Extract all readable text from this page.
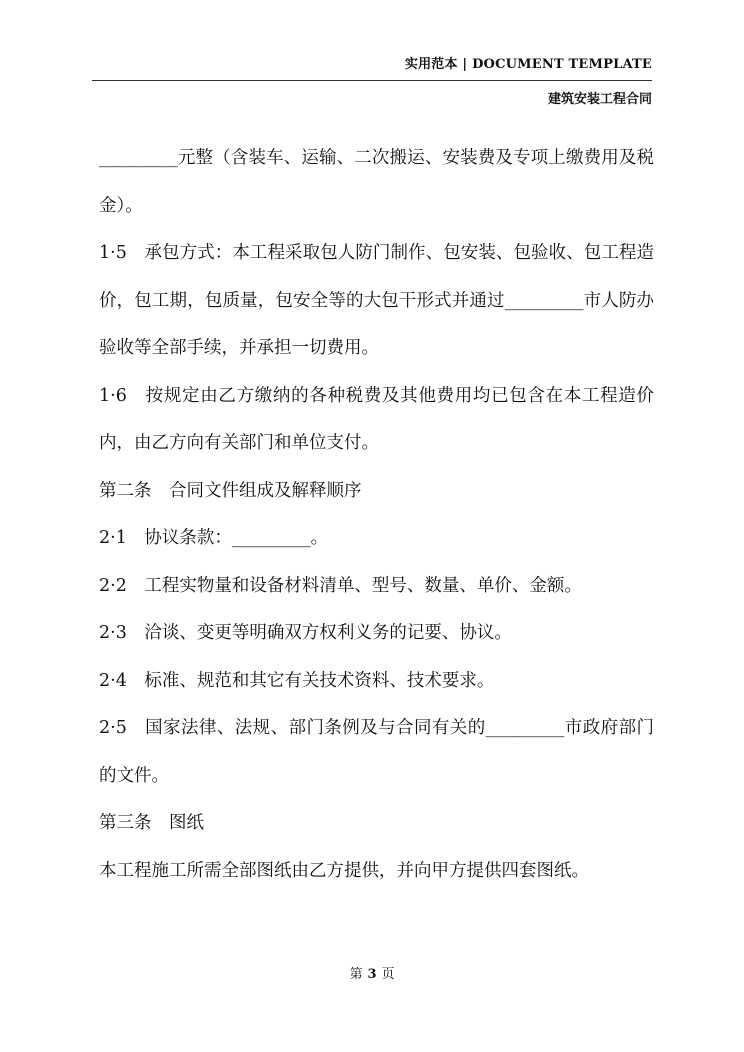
实用范本 | DOCUMENT TEMPLATE
建筑安装工程合同

_________元整（含装车、运输、二次搬运、安装费及专项上缴费用及税金）。

1·5　承包方式：本工程采取包人防门制作、包安装、包验收、包工程造价，包工期，包质量，包安全等的大包干形式并通过_________市人防办验收等全部手续，并承担一切费用。

1·6　按规定由乙方缴纳的各种税费及其他费用均已包含在本工程造价内，由乙方向有关部门和单位支付。

第二条　合同文件组成及解释顺序

2·1　协议条款：_________。

2·2　工程实物量和设备材料清单、型号、数量、单价、金额。

2·3　洽谈、变更等明确双方权利义务的记要、协议。

2·4　标准、规范和其它有关技术资料、技术要求。

2·5　国家法律、法规、部门条例及与合同有关的_________市政府部门的文件。

第三条　图纸

本工程施工所需全部图纸由乙方提供，并向甲方提供四套图纸。

第 3 页
